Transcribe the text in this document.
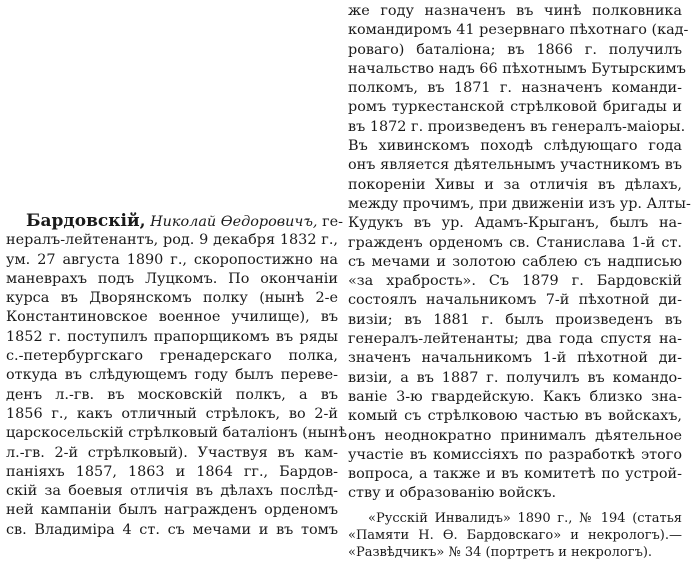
Бардовскій, Николай Өедоровичъ, ге-
нералъ-лейтенантъ, род. 9 декабря 1832 г.,
ум. 27 августа 1890 г., скоропостижно на
маневрахъ подъ Луцкомъ. По окончаніи
курса въ Дворянскомъ полку (нынѣ 2-е
Константиновское военное училище), въ
1852 г. поступилъ прапорщикомъ въ ряды
с.-петербургскаго гренадерскаго полка,
откуда въ слѣдующемъ году былъ переве-
денъ л.-гв. въ московскій полкъ, а въ
1856 г., какъ отличный стрѣлокъ, во 2-й
царскосельскій стрѣлковый баталіонъ (нынѣ
л.-гв. 2-й стрѣлковый). Участвуя въ кам-
паніяхъ 1857, 1863 и 1864 гг., Бардов-
скій за боевыя отличія въ дѣлахъ послѣд-
ней кампаніи былъ награжденъ орденомъ
св. Владиміра 4 ст. съ мечами и въ томъ
же году назначенъ въ чинѣ полковника
командиромъ 41 резервнаго пѣхотнаго (кад-
роваго) баталіона; въ 1866 г. получилъ
начальство надъ 66 пѣхотнымъ Бутырскимъ
полкомъ, въ 1871 г. назначенъ команди-
ромъ туркестанской стрѣлковой бригады и
въ 1872 г. произведенъ въ генералъ-маіоры.
Въ хивинскомъ походѣ слѣдующаго года
онъ является дѣятельнымъ участникомъ въ
покореніи Хивы и за отличія въ дѣлахъ,
между прочимъ, при движеніи изъ ур. Алты-
Кудукъ въ ур. Адамъ-Крыганъ, былъ на-
гражденъ орденомъ св. Станислава 1-й ст.
съ мечами и золотою саблею съ надписью
«за храбрость». Съ 1879 г. Бардовскій
состоялъ начальникомъ 7-й пѣхотной ди-
визіи; въ 1881 г. былъ произведенъ въ
генералъ-лейтенанты; два года спустя на-
значенъ начальникомъ 1-й пѣхотной ди-
визіи, а въ 1887 г. получилъ въ командо-
ваніе 3-ю гвардейскую. Какъ близко зна-
комый съ стрѣлковою частью въ войскахъ,
онъ неоднократно принималъ дѣятельное
участіе въ комиссіяхъ по разработкѣ этого
вопроса, а также и въ комитетѣ по устрой-
ству и образованію войскъ.
«Русскій Инвалидъ» 1890 г., № 194 (статья
«Памяти Н. Ө. Бардовскаго» и некрологъ).—
«Развѣдчикъ» № 34 (портретъ и некрологъ).
